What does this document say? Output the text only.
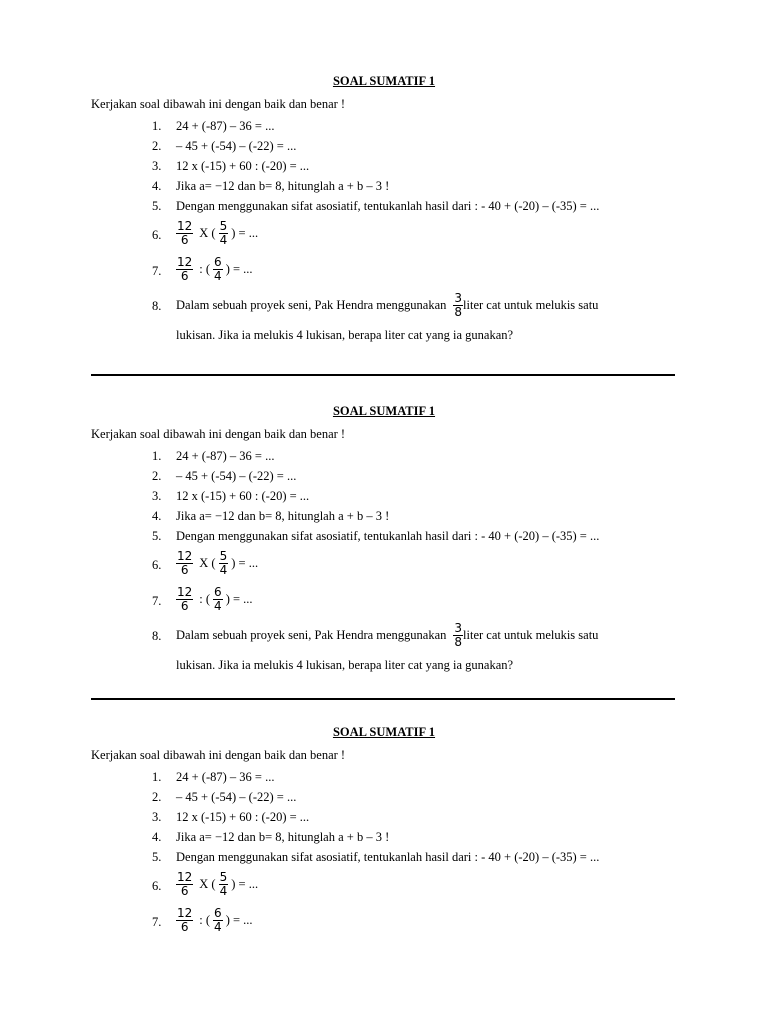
SOAL SUMATIF 1
Kerjakan soal dibawah ini dengan baik dan benar !
1. 24 + (-87) – 36 = ...
2. – 45 + (-54) – (-22) = ...
3. 12 x (-15) + 60 : (-20) = ...
4. Jika a= −12 dan b= 8, hitunglah a + b – 3 !
5. Dengan menggunakan sifat asosiatif, tentukanlah hasil dari : - 40 + (-20) – (-35) = ...
6. $\frac{12}{6}$ X ( $\frac{5}{4}$ ) = ...
7. $\frac{12}{6}$ : ( $\frac{6}{4}$ ) = ...
8. Dalam sebuah proyek seni, Pak Hendra menggunakan $\frac{3}{8}$ liter cat untuk melukis satu
lukisan. Jika ia melukis 4 lukisan, berapa liter cat yang ia gunakan?
SOAL SUMATIF 1
Kerjakan soal dibawah ini dengan baik dan benar !
1. 24 + (-87) – 36 = ...
2. – 45 + (-54) – (-22) = ...
3. 12 x (-15) + 60 : (-20) = ...
4. Jika a= −12 dan b= 8, hitunglah a + b – 3 !
5. Dengan menggunakan sifat asosiatif, tentukanlah hasil dari : - 40 + (-20) – (-35) = ...
6. $\frac{12}{6}$ X ( $\frac{5}{4}$ ) = ...
7. $\frac{12}{6}$ : ( $\frac{6}{4}$ ) = ...
8. Dalam sebuah proyek seni, Pak Hendra menggunakan $\frac{3}{8}$ liter cat untuk melukis satu
lukisan. Jika ia melukis 4 lukisan, berapa liter cat yang ia gunakan?
SOAL SUMATIF 1
Kerjakan soal dibawah ini dengan baik dan benar !
1. 24 + (-87) – 36 = ...
2. – 45 + (-54) – (-22) = ...
3. 12 x (-15) + 60 : (-20) = ...
4. Jika a= −12 dan b= 8, hitunglah a + b – 3 !
5. Dengan menggunakan sifat asosiatif, tentukanlah hasil dari : - 40 + (-20) – (-35) = ...
6. $\frac{12}{6}$ X ( $\frac{5}{4}$ ) = ...
7. $\frac{12}{6}$ : ( $\frac{6}{4}$ ) = ...
